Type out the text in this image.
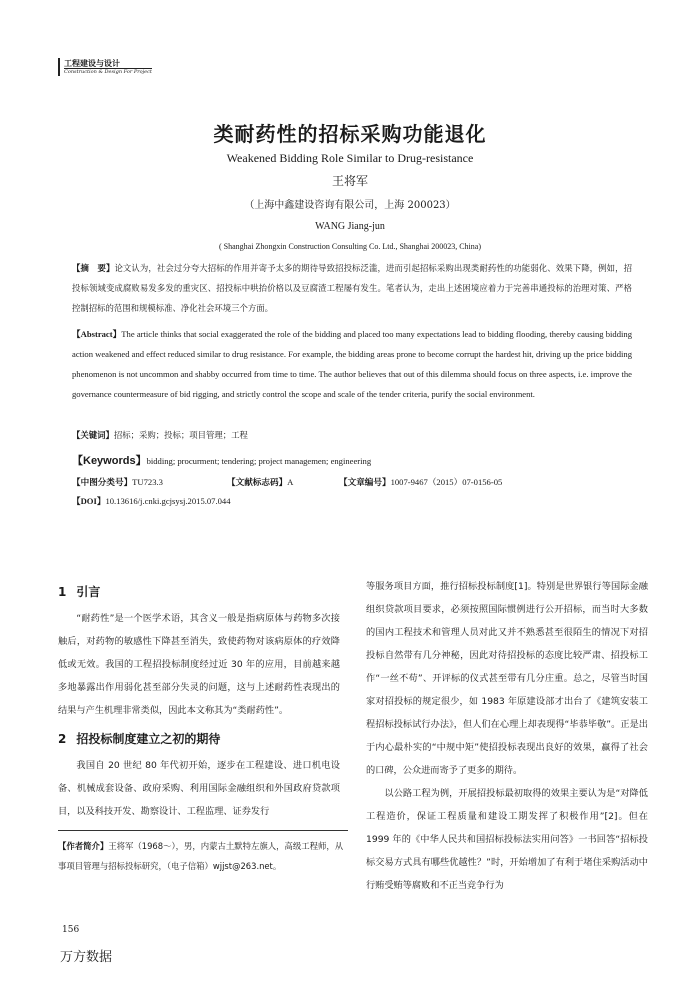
工程建设与设计
Construction & Design For Project
类耐药性的招标采购功能退化
Weakened Bidding Role Similar to Drug-resistance
王将军
（上海中鑫建设咨询有限公司，上海 200023）
WANG Jiang-jun
( Shanghai Zhongxin Construction Consulting Co. Ltd., Shanghai 200023, China)
【摘　要】论文认为，社会过分夸大招标的作用并寄予太多的期待导致招投标泛滥，进而引起招标采购出现类耐药性的功能弱化、效果下降，例如，招投标领域变成腐败易发多发的重灾区、招投标中哄抬价格以及豆腐渣工程屡有发生。笔者认为，走出上述困境应着力于完善串通投标的治理对策、严格控制招标的范围和规模标准、净化社会环境三个方面。
【Abstract】The article thinks that social exaggerated the role of the bidding and placed too many expectations lead to bidding flooding, thereby causing bidding action weakened and effect reduced similar to drug resistance. For example, the bidding areas prone to become corrupt the hardest hit, driving up the price bidding phenomenon is not uncommon and shabby occurred from time to time. The author believes that out of this dilemma should focus on three aspects, i.e. improve the governance countermeasure of bid rigging, and strictly control the scope and scale of the tender criteria, purify the social environment.
【关键词】招标；采购；投标；项目管理；工程
【Keywords】bidding; procurment; tendering; project managemen; engineering
【中图分类号】TU723.3	【文献标志码】A	【文章编号】1007-9467（2015）07-0156-05
【DOI】10.13616/j.cnki.gcjsysj.2015.07.044
1 引言

“耐药性”是一个医学术语，其含义一般是指病原体与药物多次接触后，对药物的敏感性下降甚至消失，致使药物对该病原体的疗效降低或无效。我国的工程招投标制度经过近 30 年的应用，目前越来越多地暴露出作用弱化甚至部分失灵的问题，这与上述耐药性表现出的结果与产生机理非常类似，因此本文称其为“类耐药性”。

2 招投标制度建立之初的期待

我国自 20 世纪 80 年代初开始，逐步在工程建设、进口机电设备、机械成套设备、政府采购、利用国际金融组织和外国政府贷款项目，以及科技开发、勘察设计、工程监理、证券发行

等服务项目方面，推行招标投标制度[1]。特别是世界银行等国际金融组织贷款项目要求，必须按照国际惯例进行公开招标，而当时大多数的国内工程技术和管理人员对此又并不熟悉甚至很陌生的情况下对招投标自然带有几分神秘，因此对待招投标的态度比较严肃、招投标工作“一丝不苟”、开评标的仪式甚至带有几分庄重。总之，尽管当时国家对招投标的规定很少，如 1983 年原建设部才出台了《建筑安装工程招标投标试行办法》，但人们在心理上却表现得“毕恭毕敬”。正是出于内心最朴实的“中规中矩”使招投标表现出良好的效果，赢得了社会的口碑，公众进而寄予了更多的期待。

以公路工程为例，开展招投标最初取得的效果主要认为是“对降低工程造价，保证工程质量和建设工期发挥了积极作用”[2]。但在 1999 年的《中华人民共和国招标投标法实用问答》一书回答“招标投标交易方式具有哪些优越性？”时，开始增加了有利于堵住采购活动中行贿受贿等腐败和不正当竞争行为

【作者简介】王将军（1968～），男，内蒙古土默特左旗人，高级工程师，从事项目管理与招标投标研究，（电子信箱）wjjst@263.net。
156
万方数据
